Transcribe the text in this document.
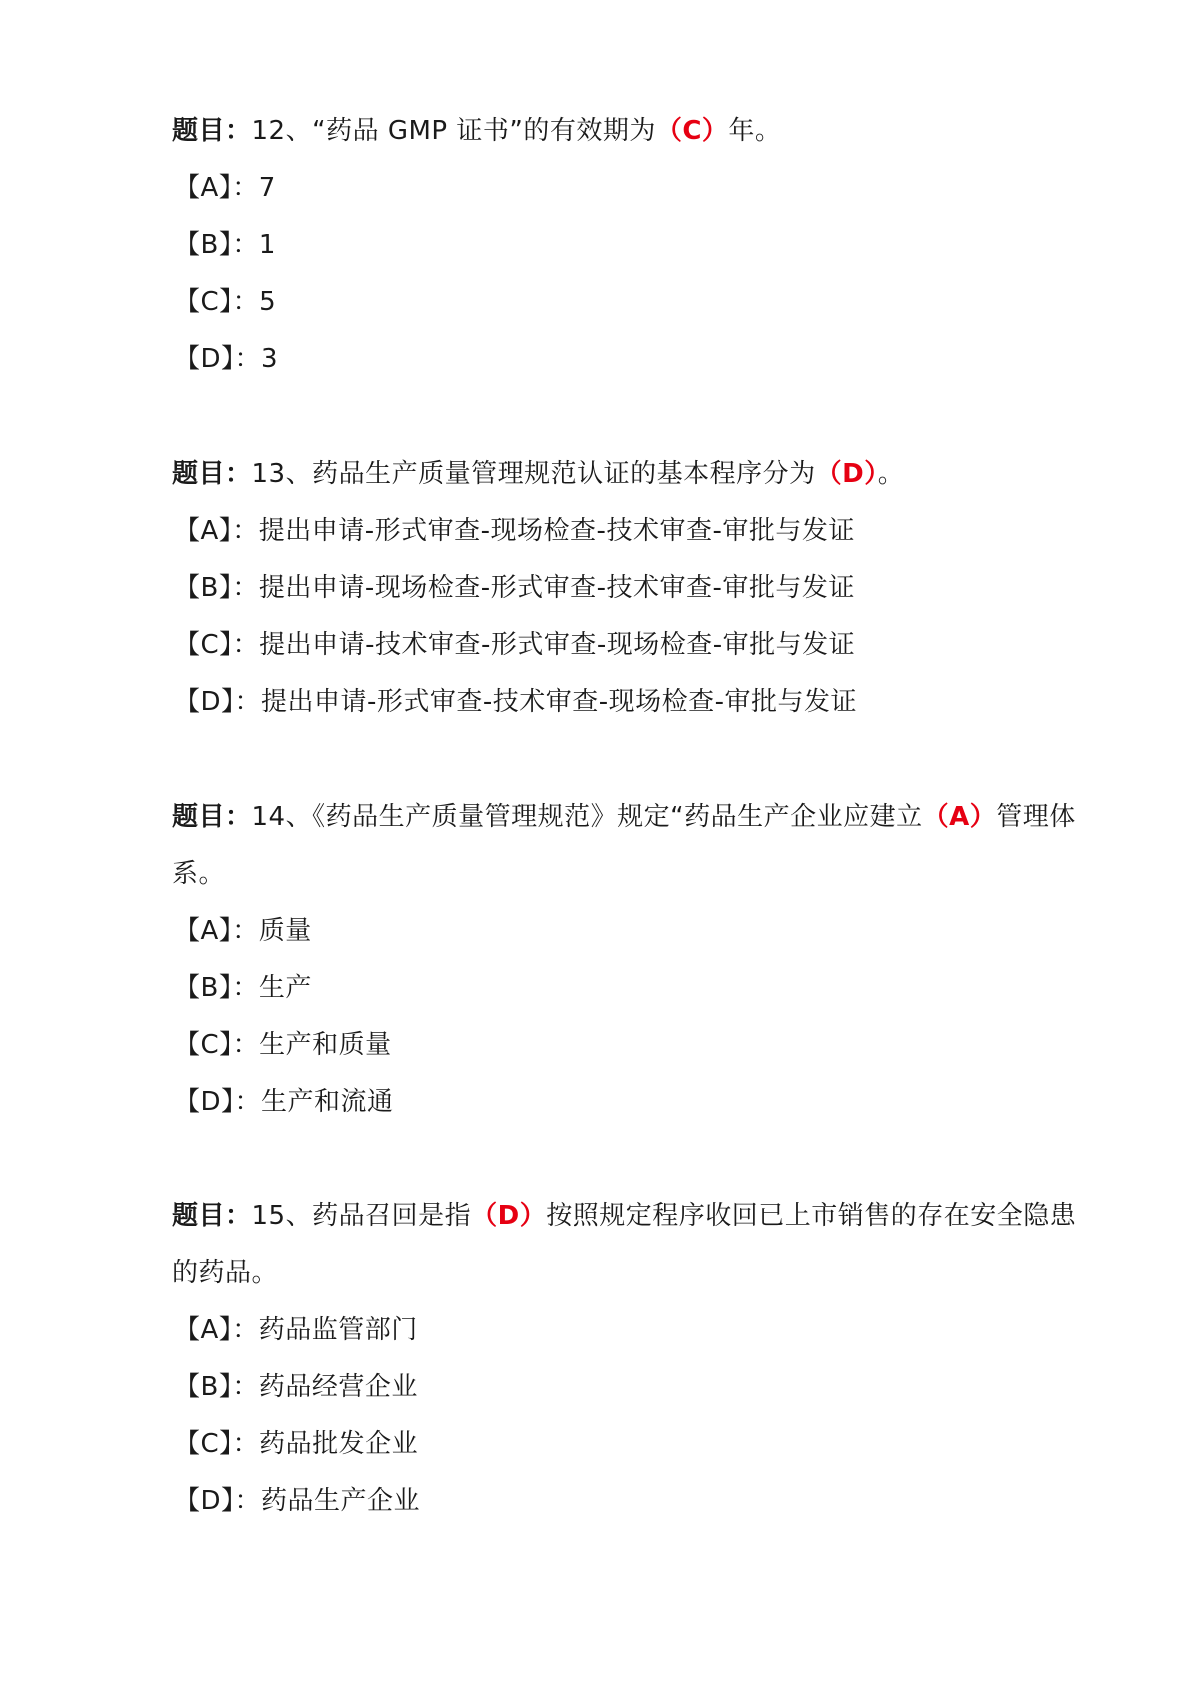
题目：12、“药品 GMP 证书”的有效期为（C）年。

【A】：7

【B】：1

【C】：5

【D】：3

题目：13、药品生产质量管理规范认证的基本程序分为（D）。

【A】：提出申请-形式审查-现场检查-技术审查-审批与发证

【B】：提出申请-现场检查-形式审查-技术审查-审批与发证

【C】：提出申请-技术审查-形式审查-现场检查-审批与发证

【D】：提出申请-形式审查-技术审查-现场检查-审批与发证

题目：14、《药品生产质量管理规范》规定“药品生产企业应建立（A）管理体系。

【A】：质量

【B】：生产

【C】：生产和质量

【D】：生产和流通

题目：15、药品召回是指（D）按照规定程序收回已上市销售的存在安全隐患的药品。

【A】：药品监管部门

【B】：药品经营企业

【C】：药品批发企业

【D】：药品生产企业
